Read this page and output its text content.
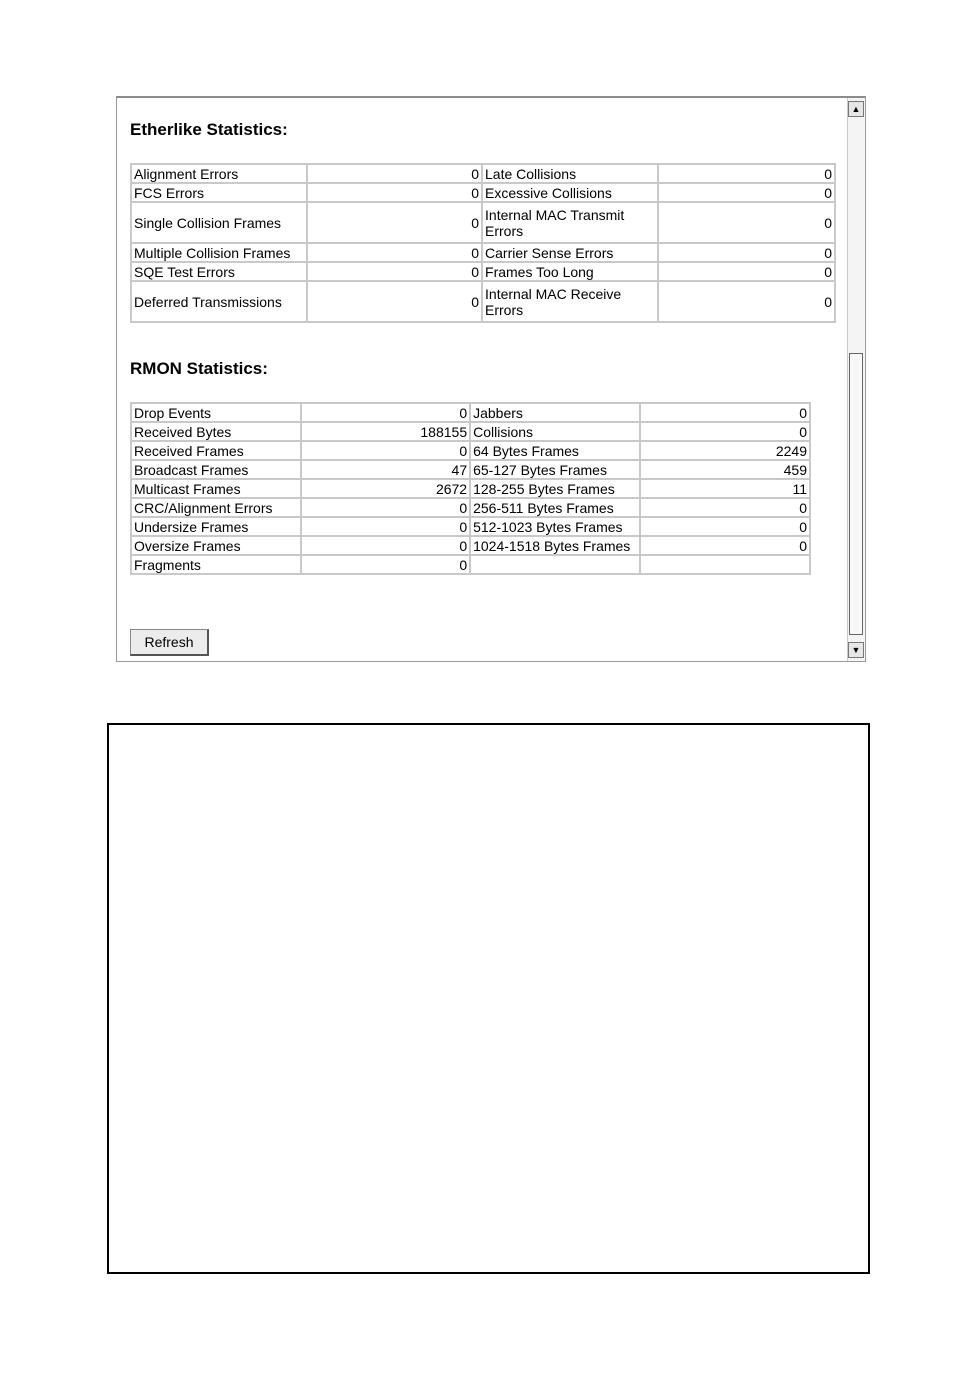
Etherlike Statistics:
Alignment Errors	0	Late Collisions	0
FCS Errors	0	Excessive Collisions	0
Single Collision Frames	0	Internal MAC Transmit Errors	0
Multiple Collision Frames	0	Carrier Sense Errors	0
SQE Test Errors	0	Frames Too Long	0
Deferred Transmissions	0	Internal MAC Receive Errors	0
RMON Statistics:
Drop Events	0	Jabbers	0
Received Bytes	188155	Collisions	0
Received Frames	0	64 Bytes Frames	2249
Broadcast Frames	47	65-127 Bytes Frames	459
Multicast Frames	2672	128-255 Bytes Frames	11
CRC/Alignment Errors	0	256-511 Bytes Frames	0
Undersize Frames	0	512-1023 Bytes Frames	0
Oversize Frames	0	1024-1518 Bytes Frames	0
Fragments	0		
Refresh
▲
▼
